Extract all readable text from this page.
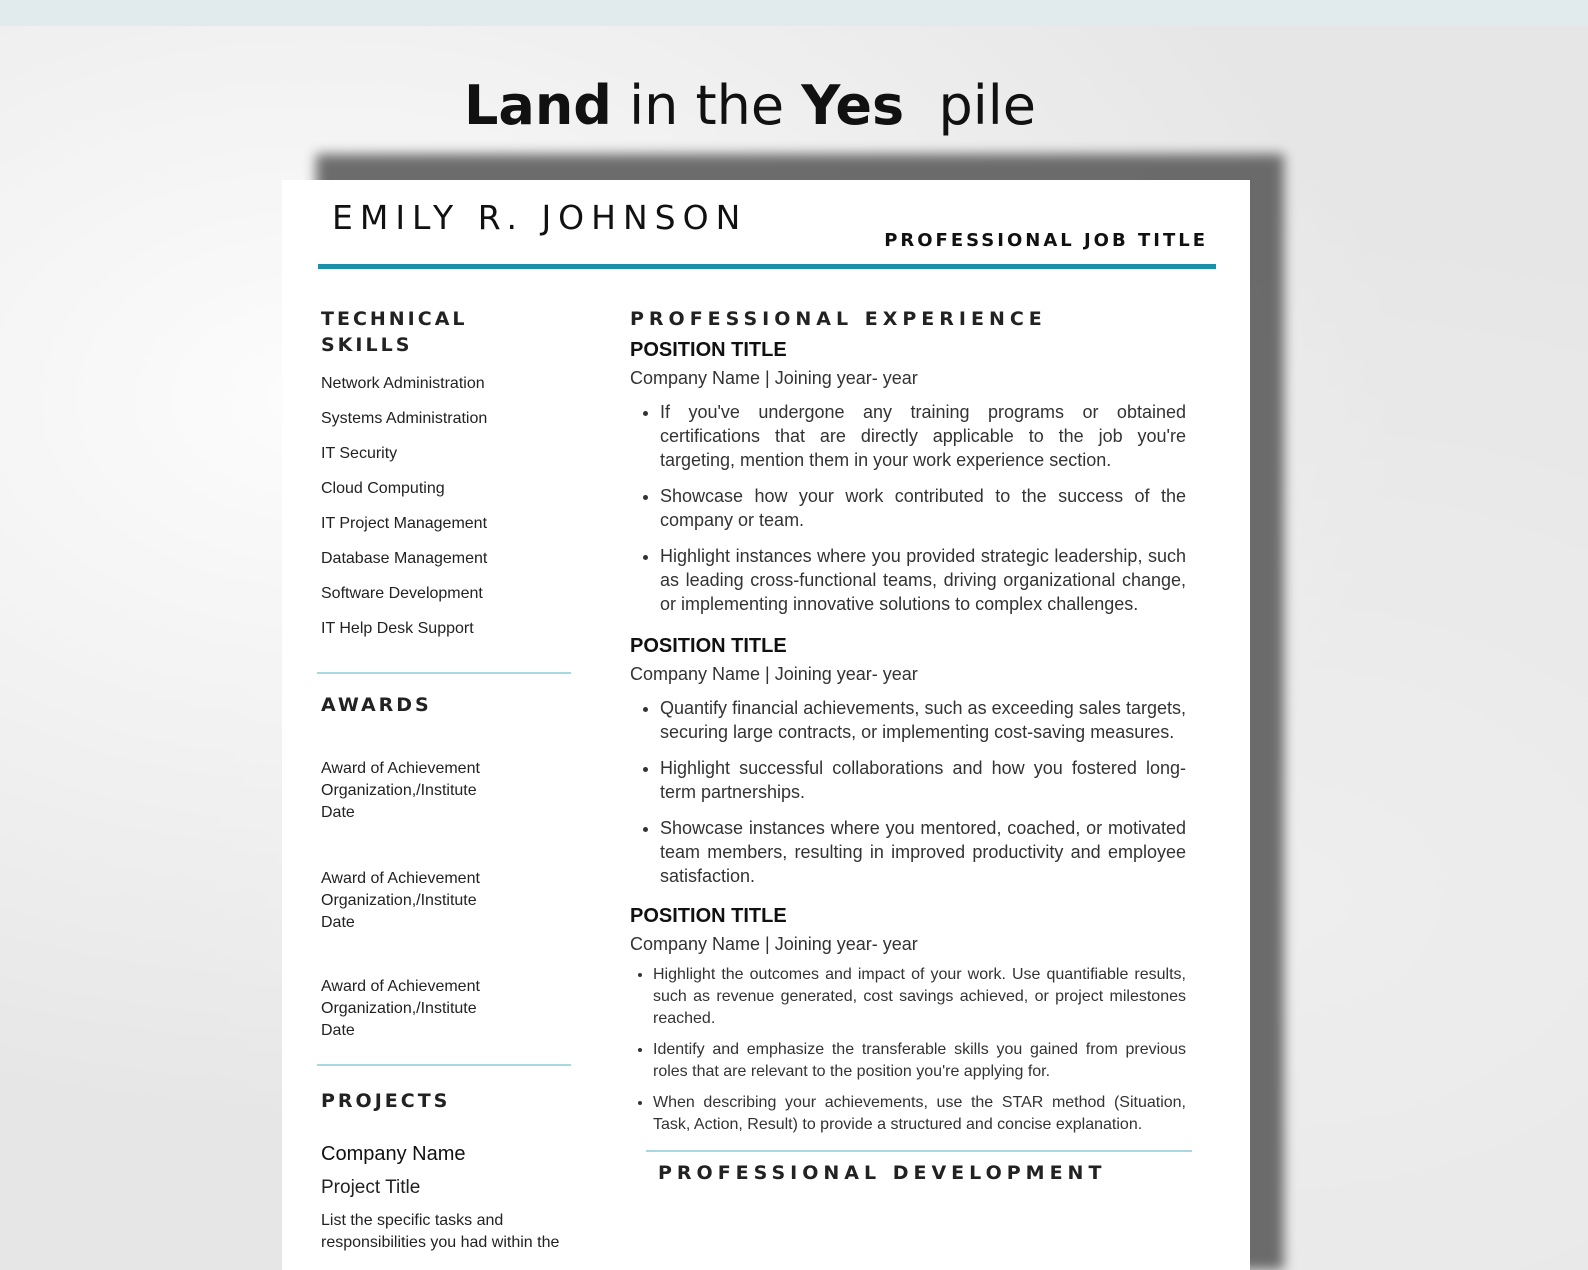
Land in the Yes  pile
EMILY R. JOHNSON
PROFESSIONAL JOB TITLE
TECHNICAL
SKILLS
Network Administration
Systems Administration
IT Security
Cloud Computing
IT Project Management
Database Management
Software Development
IT Help Desk Support
AWARDS
Award of Achievement
Organization,/Institute
Date
Award of Achievement
Organization,/Institute
Date
Award of Achievement
Organization,/Institute
Date
PROJECTS
Company Name
Project Title
List the specific tasks and responsibilities you had within the
PROFESSIONAL EXPERIENCE
POSITION TITLE
Company Name | Joining year- year
• If you've undergone any training programs or obtained certifications that are directly applicable to the job you're targeting, mention them in your work experience section.
• Showcase how your work contributed to the success of the company or team.
• Highlight instances where you provided strategic leadership, such as leading cross-functional teams, driving organizational change, or implementing innovative solutions to complex challenges.
POSITION TITLE
Company Name | Joining year- year
• Quantify financial achievements, such as exceeding sales targets, securing large contracts, or implementing cost-saving measures.
• Highlight successful collaborations and how you fostered long-term partnerships.
• Showcase instances where you mentored, coached, or motivated team members, resulting in improved productivity and employee satisfaction.
POSITION TITLE
Company Name | Joining year- year
• Highlight the outcomes and impact of your work. Use quantifiable results, such as revenue generated, cost savings achieved, or project milestones reached.
• Identify and emphasize the transferable skills you gained from previous roles that are relevant to the position you're applying for.
• When describing your achievements, use the STAR method (Situation, Task, Action, Result) to provide a structured and concise explanation.
PROFESSIONAL DEVELOPMENT
